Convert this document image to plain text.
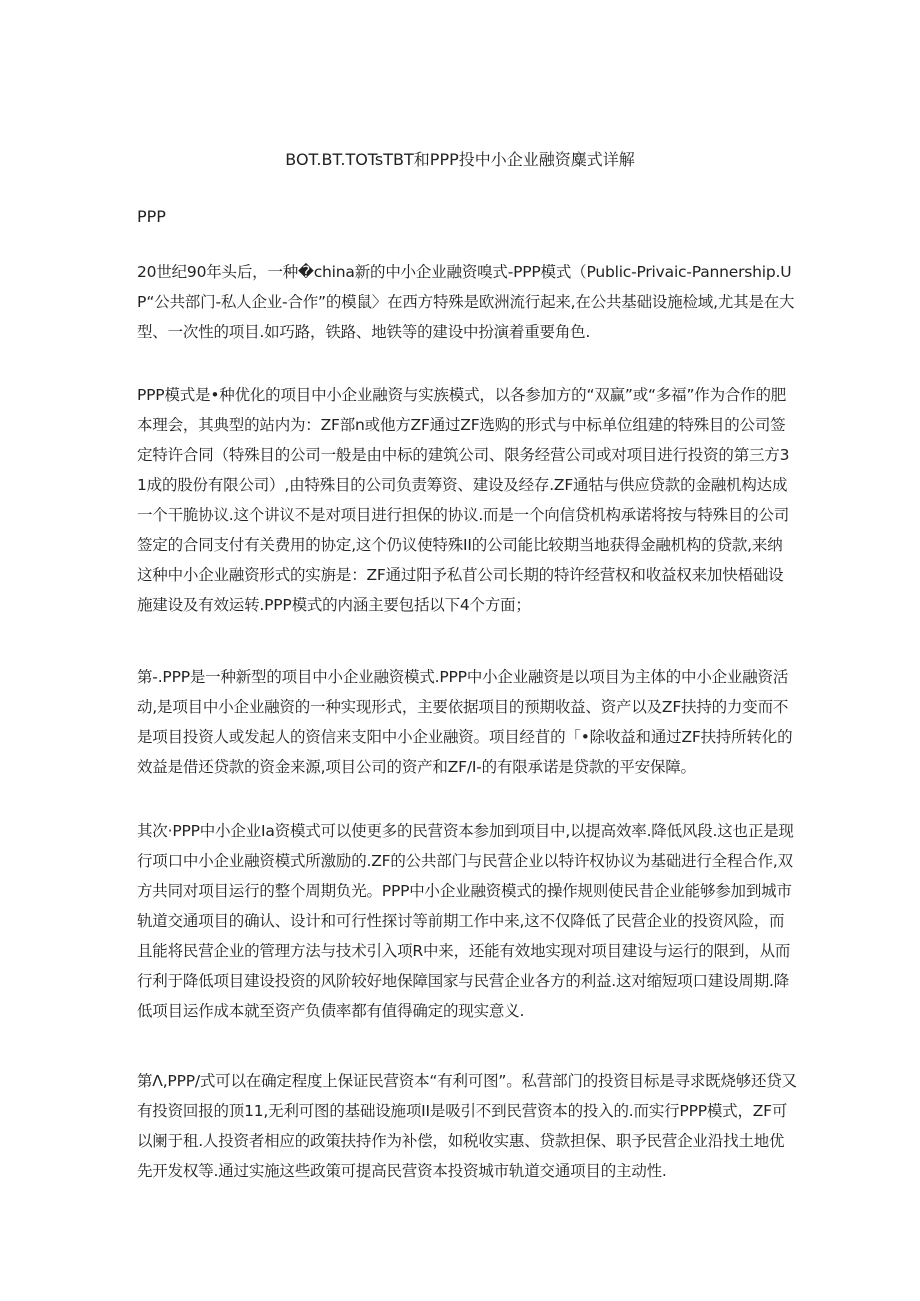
BOT.BT.TOTsTBT和PPP投中小企业融资麋式详解
PPP

20世纪90年头后，一种�china新的中小企业融资嗅式-PPP模式（Public-Privaic-Pannership.UP“公共部门-私人企业-合作”的模鼠〉在西方特殊是欧洲流行起来,在公共基础设施检域,尤其是在大型、一次性的项目.如巧路，铁路、地铁等的建设中扮演着重要角色.

PPP模式是•种优化的项目中小企业融资与实族模式，以各参加方的“双赢”或“多福”作为合作的肥本理会，其典型的站内为：ZF部n或他方ZF通过ZF选购的形式与中标单位组建的特殊目的公司签定特许合同（特殊目的公司一般是由中标的建筑公司、限务经营公司或对项目进行投资的第三方31成的股份有限公司）,由特殊目的公司负责筹资、建设及经存.ZF通牯与供应贷款的金融机构达成一个干脆协议.这个讲议不是对项目进行担保的协议.而是一个向信贷机构承诺将按与特殊目的公司签定的合同支付有关费用的协定,这个仍议使特殊II的公司能比较期当地获得金融机构的贷款,来纳这种中小企业融资形式的实旃是：ZF通过阳予私苜公司长期的特许经营权和收益权来加快梧础设施建设及有效运转.PPP模式的内涵主要包括以下4个方面；

第-.PPP是一种新型的项目中小企业融资模式.PPP中小企业融资是以项目为主体的中小企业融资活动,是项目中小企业融资的一种实现形式，主要依据项目的预期收益、资产以及ZF扶持的力变而不是项目投资人或发起人的资信来支阳中小企业融资。项目经苜的「•除收益和通过ZF扶持所转化的效益是借还贷款的资金来源,项目公司的资产和ZF/I-的有限承诺是贷款的平安保障。

其次·PPP中小企业Ia资模式可以使更多的民营资本参加到项目中,以提高效率.降低风段.这也正是现行项口中小企业融资模式所激励的.ZF的公共部门与民营企业以特许权协议为基础进行全程合作,双方共同对项目运行的整个周期负光。PPP中小企业融资模式的操作规则使民昔企业能够参加到城市轨道交通项目的确认、设计和可行性探讨等前期工作中来,这不仅降低了民营企业的投资风险，而且能将民营企业的管理方法与技术引入项R中来，还能有效地实现对项目建设与运行的限到，从而行利于降低项目建设投资的风阶较好地保障国家与民营企业各方的利益.这对缩短项口建设周期.降低项目运作成本就至资产负债率都有值得确定的现实意义.

第Λ,PPP/式可以在确定程度上保证民营资本“有利可图”。私营部门的投资目标是寻求既烧够还贷又有投资回报的顶11,无利可图的基础设施项II是吸引不到民营资本的投入的.而实行PPP模式，ZF可以阑于租.人投资者相应的政策扶持作为补偿，如税收实惠、贷款担保、职予民营企业沿找土地优先开发权等.通过实施这些政策可提高民营资本投资城市轨道交通项目的主动性.
